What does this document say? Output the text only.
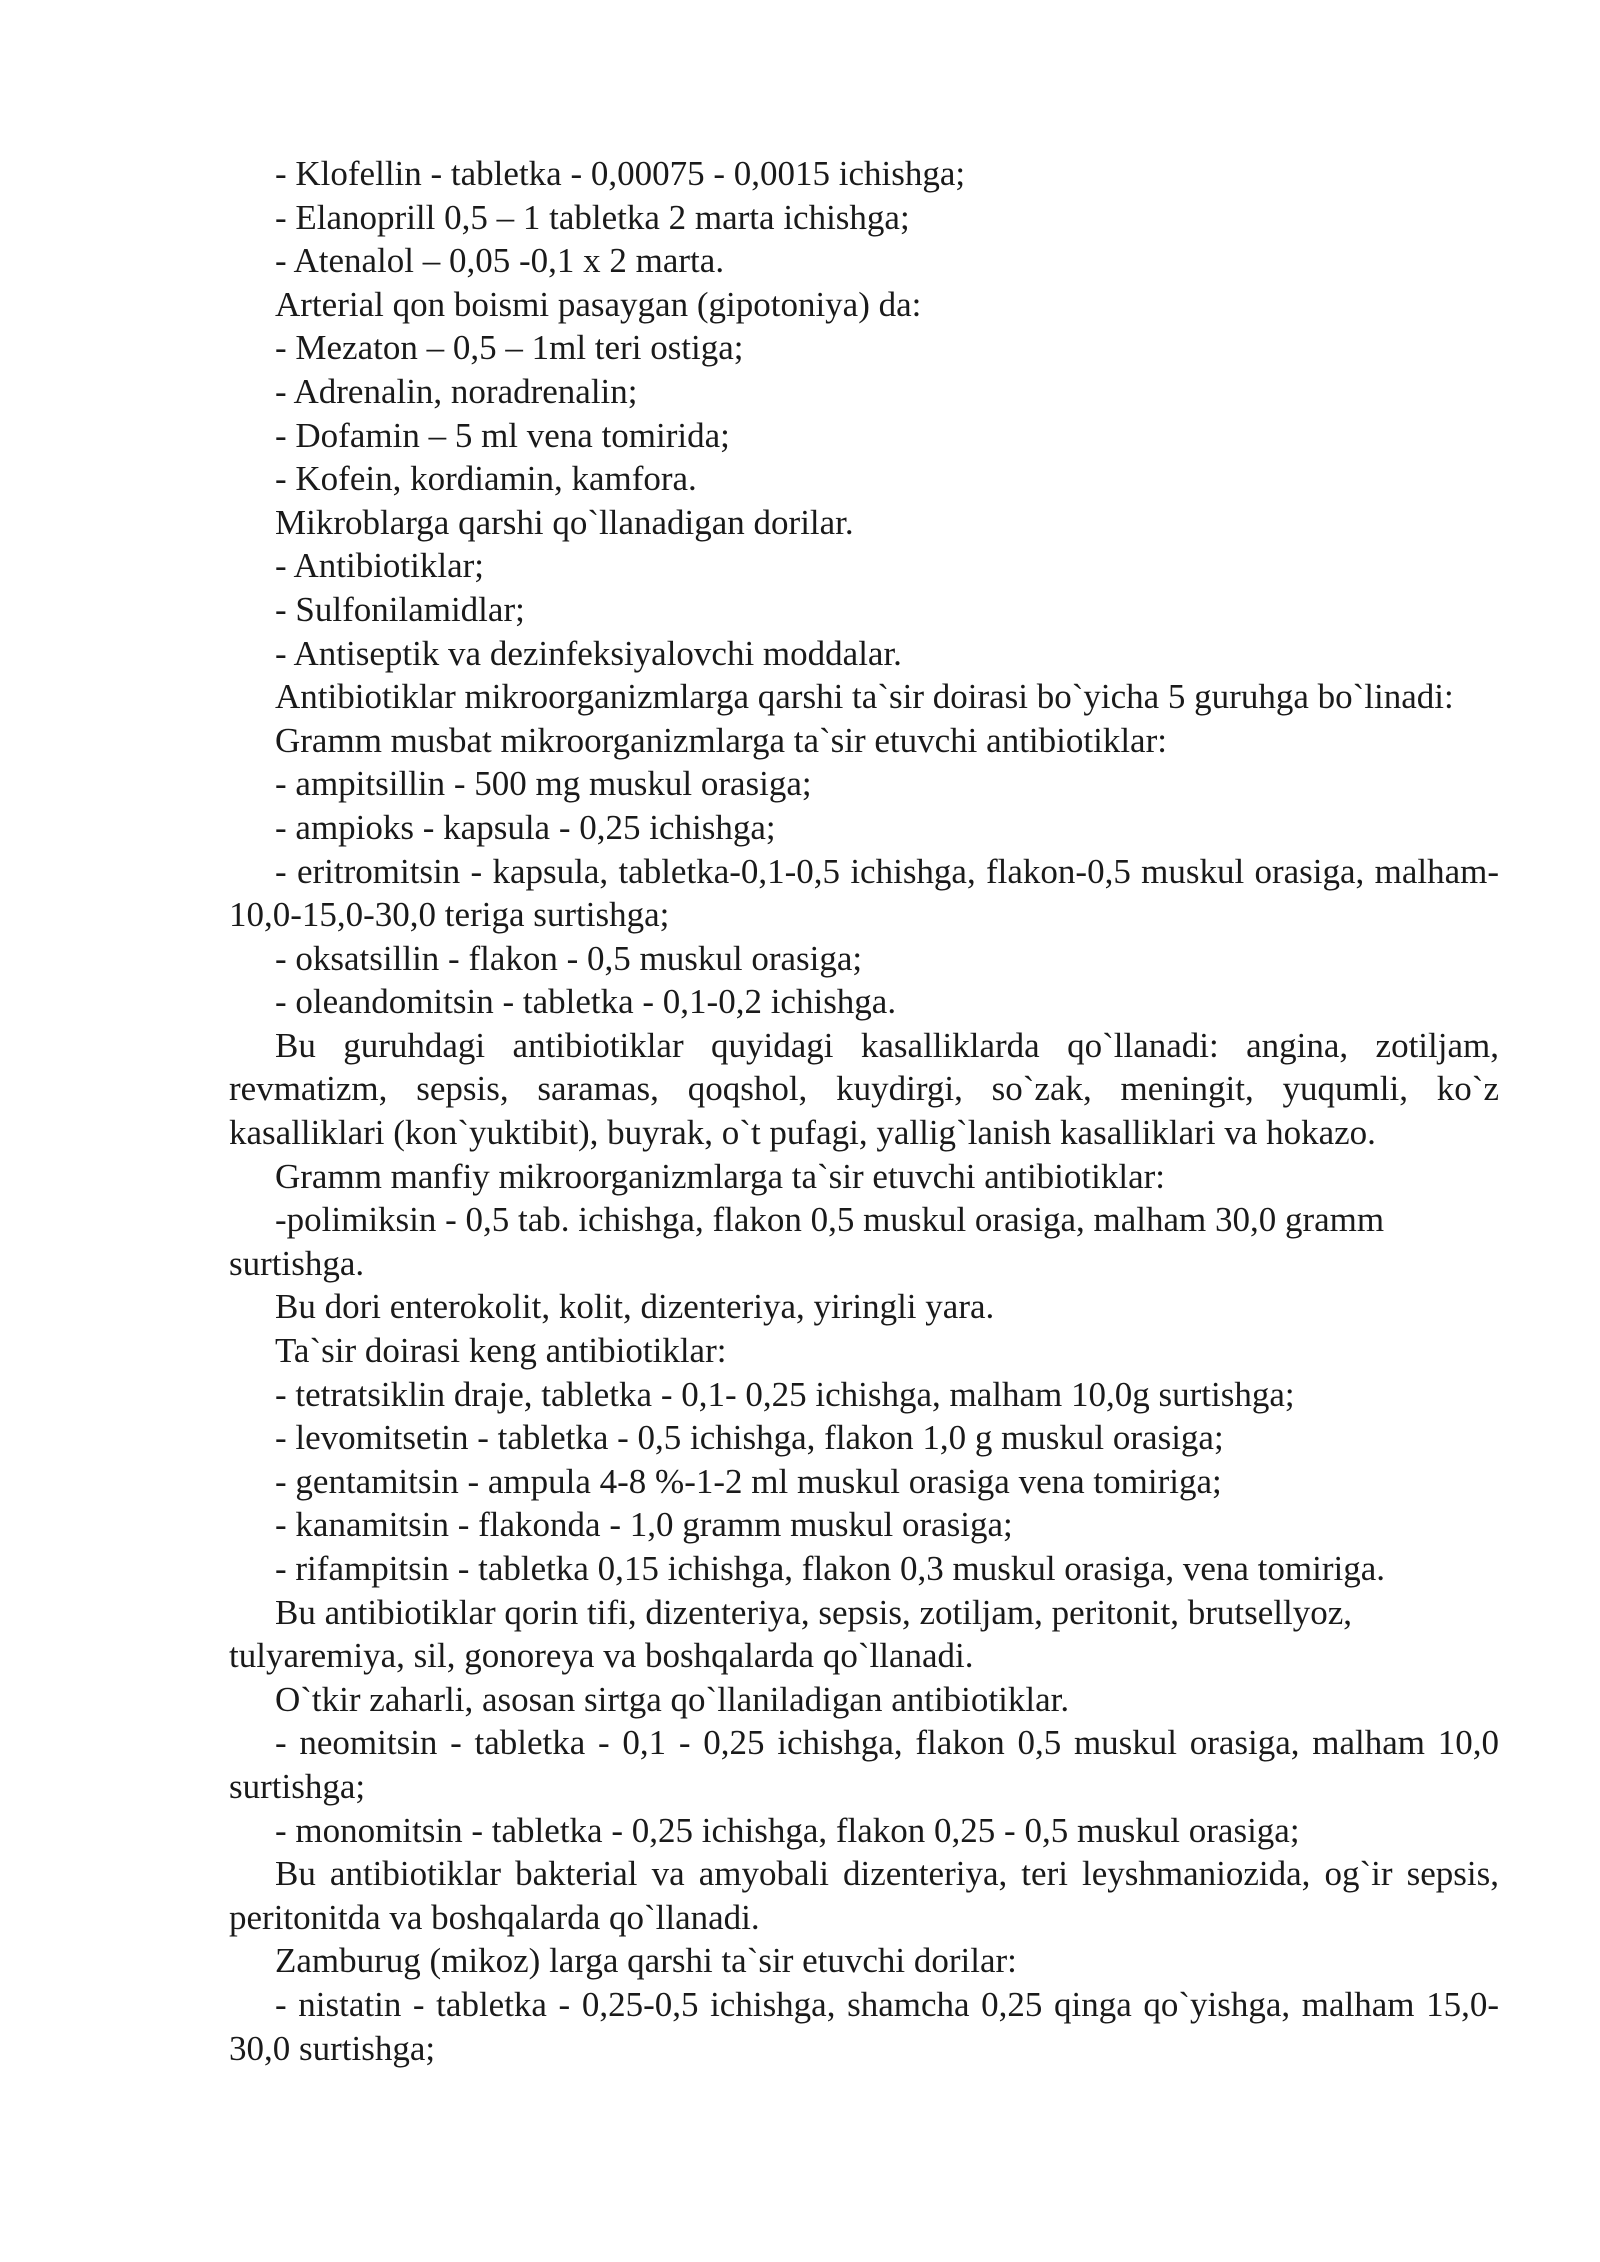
- Klofellin - tabletka - 0,00075 - 0,0015 ichishga;

- Elanoprill 0,5 – 1 tabletka 2 marta ichishga;

- Atenalol – 0,05 -0,1 x 2 marta.

Arterial qon boismi pasaygan (gipotoniya) da:

- Mezaton – 0,5 – 1ml teri ostiga;

- Adrenalin, noradrenalin;

- Dofamin – 5 ml vena tomirida;

- Kofein, kordiamin, kamfora.

Mikroblarga qarshi qo`llanadigan dorilar.

- Antibiotiklar;

- Sulfonilamidlar;

- Antiseptik va dezinfeksiyalovchi moddalar.

Antibiotiklar mikroorganizmlarga qarshi ta`sir doirasi bo`yicha 5 guruhga bo`linadi:

Gramm musbat mikroorganizmlarga ta`sir etuvchi antibiotiklar:

- ampitsillin - 500 mg muskul orasiga;

- ampioks - kapsula - 0,25 ichishga;

- eritromitsin - kapsula, tabletka-0,1-0,5 ichishga, flakon-0,5 muskul orasiga, malham-10,0-15,0-30,0 teriga surtishga;

- oksatsillin - flakon - 0,5 muskul orasiga;

- oleandomitsin - tabletka - 0,1-0,2 ichishga.

Bu guruhdagi antibiotiklar quyidagi kasalliklarda qo`llanadi: angina, zotiljam, revmatizm, sepsis, saramas, qoqshol, kuydirgi, so`zak, meningit, yuqumli, ko`z kasalliklari (kon`yuktibit), buyrak, o`t pufagi, yallig`lanish kasalliklari va hokazo.

Gramm manfiy mikroorganizmlarga ta`sir etuvchi antibiotiklar:

-polimiksin - 0,5 tab. ichishga, flakon 0,5 muskul orasiga, malham 30,0 gramm surtishga.

Bu dori enterokolit, kolit, dizenteriya, yiringli yara.

Ta`sir doirasi keng antibiotiklar:

- tetratsiklin draje, tabletka - 0,1- 0,25 ichishga, malham 10,0g surtishga;

- levomitsetin - tabletka - 0,5 ichishga, flakon 1,0 g muskul orasiga;

- gentamitsin - ampula 4-8 %-1-2 ml muskul orasiga vena tomiriga;

- kanamitsin - flakonda - 1,0 gramm muskul orasiga;

- rifampitsin - tabletka 0,15 ichishga, flakon 0,3 muskul orasiga, vena tomiriga.

Bu antibiotiklar qorin tifi, dizenteriya, sepsis, zotiljam, peritonit, brutsellyoz, tulyaremiya, sil, gonoreya va boshqalarda qo`llanadi.

O`tkir zaharli, asosan sirtga qo`llaniladigan antibiotiklar.

- neomitsin - tabletka - 0,1 - 0,25 ichishga, flakon 0,5 muskul orasiga, malham 10,0 surtishga;

- monomitsin - tabletka - 0,25 ichishga, flakon 0,25 - 0,5 muskul orasiga;

Bu antibiotiklar bakterial va amyobali dizenteriya, teri leyshmaniozida, og`ir sepsis, peritonitda va boshqalarda qo`llanadi.

Zamburug (mikoz) larga qarshi ta`sir etuvchi dorilar:

- nistatin - tabletka - 0,25-0,5 ichishga, shamcha 0,25 qinga qo`yishga, malham 15,0-30,0 surtishga;
